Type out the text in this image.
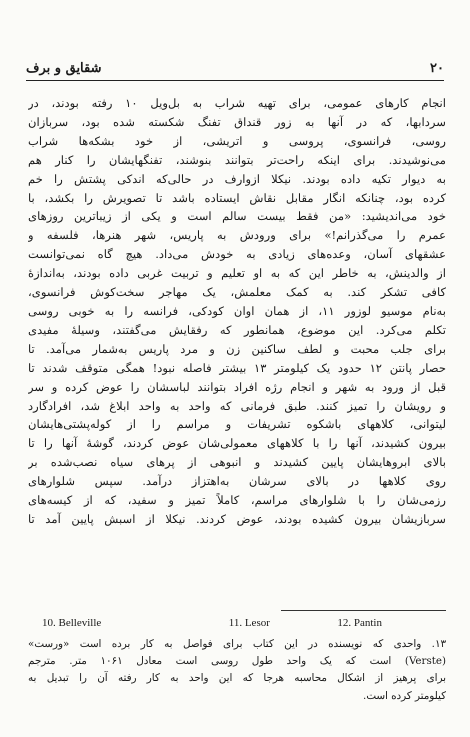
۲۰
شقایق و برف
انجام کارهای عمومی، برای تهیه شراب به بل‌ویل ۱۰ رفته بودند، در
سردابها، که در آنها به زور قنداق تفنگ شکسته شده بود، سربازان
روسی، فرانسوی، پروسی و اتریشی، از خود بشکه‌ها شراب
می‌نوشیدند. برای اینکه راحت‌تر بتوانند بنوشند، تفنگهایشان را کنار هم
به دیوار تکیه داده بودند. نیکلا ازوارف در حالی‌که اندکی پشتش را خم
کرده بود، چنانکه انگار مقابل نقاش ایستاده باشد تا تصویرش را بکشد، با
خود می‌اندیشید: «من فقط بیست سالم است و یکی از زیباترین روزهای
عمرم را می‌گذرانم!» برای ورودش به پاریس، شهر هنرها، فلسفه و
عشقهای آسان، وعده‌های زیادی به خودش می‌داد. هیچ گاه نمی‌توانست
از والدینش، به خاطر این که به او تعلیم و تربیت غربی داده بودند، به‌اندازهٔ
کافی تشکر کند. به کمک معلمش، یک مهاجر سخت‌کوش فرانسوی،
به‌نام موسیو لوزور ۱۱، از همان اوان کودکی، فرانسه را به خوبی روسی
تکلم می‌کرد. این موضوع، همانطور که رفقایش می‌گفتند، وسیلهٔ مفیدی
برای جلب محبت و لطف ساکنین زن و مرد پاریس به‌شمار می‌آمد. تا
حصار پانتن ۱۲ حدود یک کیلومتر ۱۳ بیشتر فاصله نبود! همگی متوقف شدند تا
قبل از ورود به شهر و انجام رژه افراد بتوانند لباسشان را عوض کرده و سر
و رویشان را تمیز کنند. طبق فرمانی که واحد به واحد ابلاغ شد، افرادگارد
لیتوانی، کلاههای باشکوه تشریفات و مراسم را از کوله‌پشتی‌هایشان
بیرون کشیدند، آنها را با کلاههای معمولی‌شان عوض کردند، گوشهٔ آنها را تا
بالای ابروهایشان پایین کشیدند و انبوهی از پرهای سیاه نصب‌شده بر
روی کلاهها در بالای سرشان به‌اهتزاز درآمد. سپس شلوارهای
رزمی‌شان را با شلوارهای مراسم، کاملاً تمیز و سفید، که از کیسه‌های
سربازیشان بیرون کشیده بودند، عوض کردند. نیکلا از اسبش پایین آمد تا
10. Belleville	11. Lesor	12. Pantin
۱۳. واحدی که نویسنده در این کتاب برای فواصل به کار برده است «ورست»
(Verste) است که یک واحد طول روسی است معادل ۱۰۶۱ متر. مترجم
برای پرهیز از اشکال محاسبه هرجا که این واحد به کار رفته آن را تبدیل به
کیلومتر کرده است.
